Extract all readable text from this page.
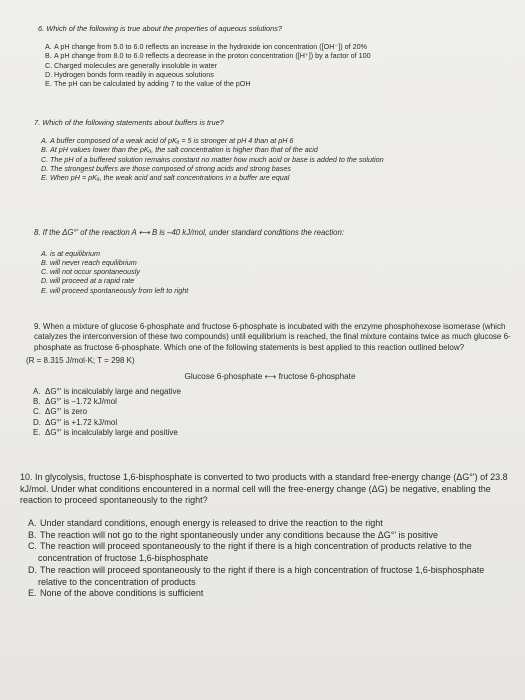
6. Which of the following is true about the properties of aqueous solutions?

A. A pH change from 5.0 to 6.0 reflects an increase in the hydroxide ion concentration ([OH⁻]) of 20%

B. A pH change from 8.0 to 6.0 reflects a decrease in the proton concentration ([H⁺]) by a factor of 100

C. Charged molecules are generally insoluble in water

D. Hydrogen bonds form readily in aqueous solutions

E. The pH can be calculated by adding 7 to the value of the pOH

7. Which of the following statements about buffers is true?

A. A buffer composed of a weak acid of pKₐ = 5 is stronger at pH 4 than at pH 6

B. At pH values lower than the pKₐ, the salt concentration is higher than that of the acid

C. The pH of a buffered solution remains constant no matter how much acid or base is added to the solution

D. The strongest buffers are those composed of strong acids and strong bases

E. When pH = pKₐ, the weak acid and salt concentrations in a buffer are equal

8. If the ΔG°' of the reaction A ⟷ B is –40 kJ/mol, under standard conditions the reaction:

A. is at equilibrium

B. will never reach equilibrium

C. will not occur spontaneously

D. will proceed at a rapid rate

E. will proceed spontaneously from left to right

9. When a mixture of glucose 6-phosphate and fructose 6-phosphate is incubated with the enzyme phosphohexose isomerase (which catalyzes the interconversion of these two compounds) until equilibrium is reached, the final mixture contains twice as much glucose 6-phosphate as fructose 6-phosphate. Which one of the following statements is best applied to this reaction outlined below?

(R = 8.315 J/mol·K; T = 298 K)

Glucose 6-phosphate ⟷ fructose 6-phosphate

A. ΔG°' is incalculably large and negative

B. ΔG°' is –1.72 kJ/mol

C. ΔG°' is zero

D. ΔG°' is +1.72 kJ/mol

E. ΔG°' is incalculably large and positive

10. In glycolysis, fructose 1,6-bisphosphate is converted to two products with a standard free-energy change (ΔG°') of 23.8 kJ/mol. Under what conditions encountered in a normal cell will the free-energy change (ΔG) be negative, enabling the reaction to proceed spontaneously to the right?

A. Under standard conditions, enough energy is released to drive the reaction to the right

B. The reaction will not go to the right spontaneously under any conditions because the ΔG°' is positive

C. The reaction will proceed spontaneously to the right if there is a high concentration of products relative to the concentration of fructose 1,6-bisphosphate

D. The reaction will proceed spontaneously to the right if there is a high concentration of fructose 1,6-bisphosphate relative to the concentration of products

E. None of the above conditions is sufficient
